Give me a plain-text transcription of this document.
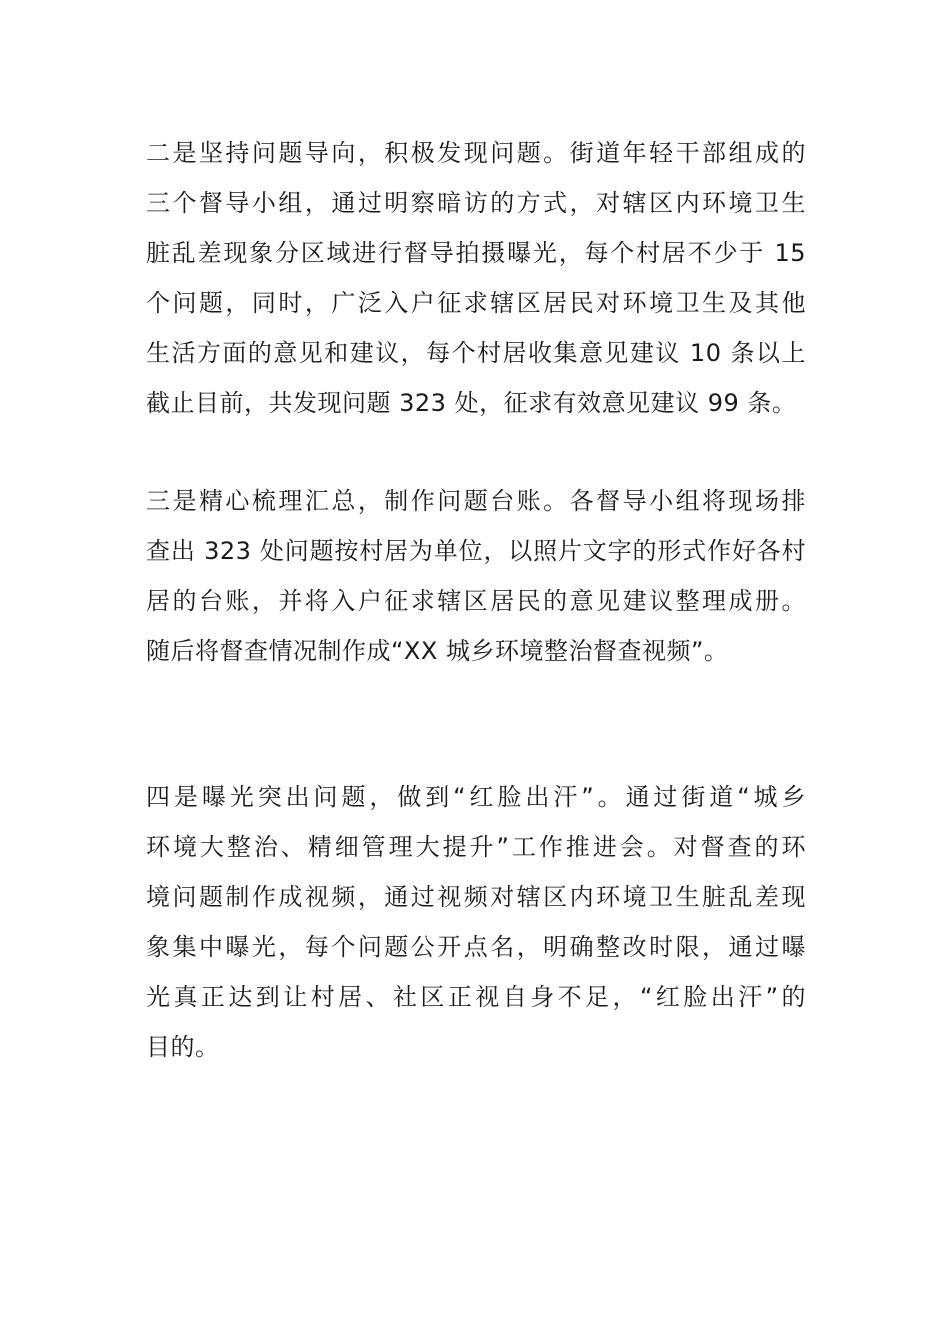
二是坚持问题导向，积极发现问题。街道年轻干部组成的
三个督导小组，通过明察暗访的方式，对辖区内环境卫生
脏乱差现象分区域进行督导拍摄曝光，每个村居不少于 15
个问题，同时，广泛入户征求辖区居民对环境卫生及其他
生活方面的意见和建议，每个村居收集意见建议 10 条以上
截止目前，共发现问题 323 处，征求有效意见建议 99 条。

三是精心梳理汇总，制作问题台账。各督导小组将现场排
查出 323 处问题按村居为单位，以照片文字的形式作好各村
居的台账，并将入户征求辖区居民的意见建议整理成册。
随后将督查情况制作成“XX 城乡环境整治督查视频”。

四是曝光突出问题，做到“红脸出汗”。通过街道“城乡
环境大整治、精细管理大提升”工作推进会。对督查的环
境问题制作成视频，通过视频对辖区内环境卫生脏乱差现
象集中曝光，每个问题公开点名，明确整改时限，通过曝
光真正达到让村居、社区正视自身不足，“红脸出汗”的
目的。
